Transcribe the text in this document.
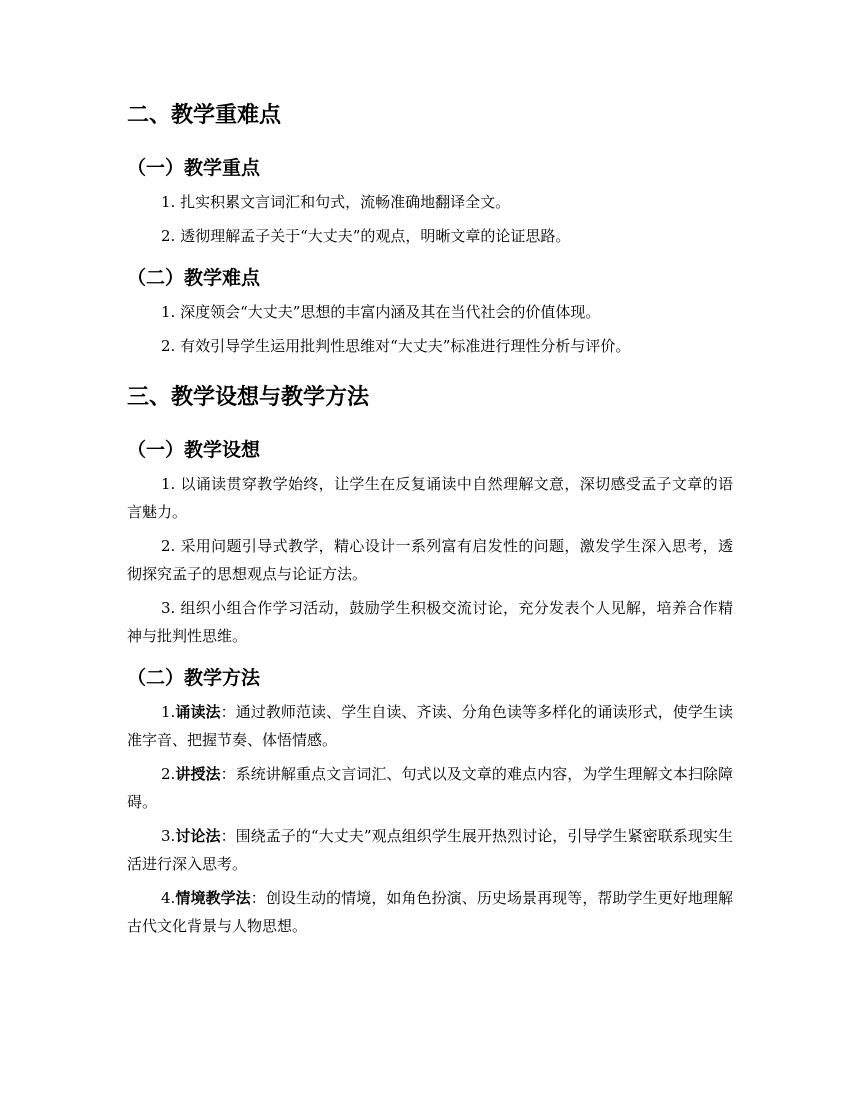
二、教学重难点
（一）教学重点

1. 扎实积累文言词汇和句式，流畅准确地翻译全文。

2. 透彻理解孟子关于“大丈夫”的观点，明晰文章的论证思路。

（二）教学难点

1. 深度领会“大丈夫”思想的丰富内涵及其在当代社会的价值体现。

2. 有效引导学生运用批判性思维对“大丈夫”标准进行理性分析与评价。

三、教学设想与教学方法
（一）教学设想

1. 以诵读贯穿教学始终，让学生在反复诵读中自然理解文意，深切感受孟子文章的语言魅力。

2. 采用问题引导式教学，精心设计一系列富有启发性的问题，激发学生深入思考，透彻探究孟子的思想观点与论证方法。

3. 组织小组合作学习活动，鼓励学生积极交流讨论，充分发表个人见解，培养合作精神与批判性思维。

（二）教学方法

1.诵读法：通过教师范读、学生自读、齐读、分角色读等多样化的诵读形式，使学生读准字音、把握节奏、体悟情感。

2.讲授法：系统讲解重点文言词汇、句式以及文章的难点内容，为学生理解文本扫除障碍。

3.讨论法：围绕孟子的“大丈夫”观点组织学生展开热烈讨论，引导学生紧密联系现实生活进行深入思考。

4.情境教学法：创设生动的情境，如角色扮演、历史场景再现等，帮助学生更好地理解古代文化背景与人物思想。
